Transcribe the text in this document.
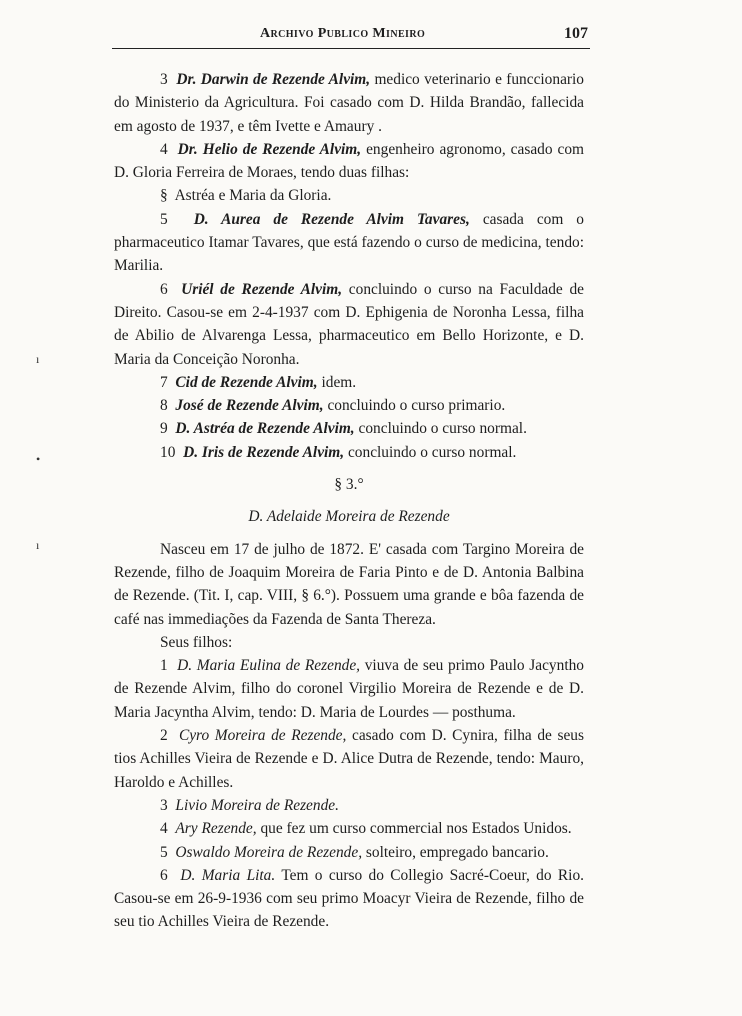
Archivo Publico Mineiro	107
ı
•
ı

3 Dr. Darwin de Rezende Alvim, medico veterinario e funccionario do Ministerio da Agricultura. Foi casado com D. Hilda Brandão, fallecida em agosto de 1937, e têm Ivette e Amaury .

4 Dr. Helio de Rezende Alvim, engenheiro agronomo, casado com D. Gloria Ferreira de Moraes, tendo duas filhas:

§ Astréa e Maria da Gloria.

5 D. Aurea de Rezende Alvim Tavares, casada com o pharmaceutico Itamar Tavares, que está fazendo o curso de medicina, tendo: Marilia.

6 Uriél de Rezende Alvim, concluindo o curso na Faculdade de Direito. Casou-se em 2-4-1937 com D. Ephigenia de Noronha Lessa, filha de Abilio de Alvarenga Lessa, pharmaceutico em Bello Horizonte, e D. Maria da Conceição Noronha.

7 Cid de Rezende Alvim, idem.

8 José de Rezende Alvim, concluindo o curso primario.

9 D. Astréa de Rezende Alvim, concluindo o curso normal.

10 D. Iris de Rezende Alvim, concluindo o curso normal.

§ 3.°

D. Adelaide Moreira de Rezende

Nasceu em 17 de julho de 1872. E' casada com Targino Moreira de Rezende, filho de Joaquim Moreira de Faria Pinto e de D. Antonia Balbina de Rezende. (Tit. I, cap. VIII, § 6.°). Possuem uma grande e bôa fazenda de café nas immediações da Fazenda de Santa Thereza.

Seus filhos:

1 D. Maria Eulina de Rezende, viuva de seu primo Paulo Jacyntho de Rezende Alvim, filho do coronel Virgilio Moreira de Rezende e de D. Maria Jacyntha Alvim, tendo: D. Maria de Lourdes — posthuma.

2 Cyro Moreira de Rezende, casado com D. Cynira, filha de seus tios Achilles Vieira de Rezende e D. Alice Dutra de Rezende, tendo: Mauro, Haroldo e Achilles.

3 Livio Moreira de Rezende.

4 Ary Rezende, que fez um curso commercial nos Estados Unidos.

5 Oswaldo Moreira de Rezende, solteiro, empregado bancario.

6 D. Maria Lita. Tem o curso do Collegio Sacré-Coeur, do Rio. Casou-se em 26-9-1936 com seu primo Moacyr Vieira de Rezende, filho de seu tio Achilles Vieira de Rezende.
